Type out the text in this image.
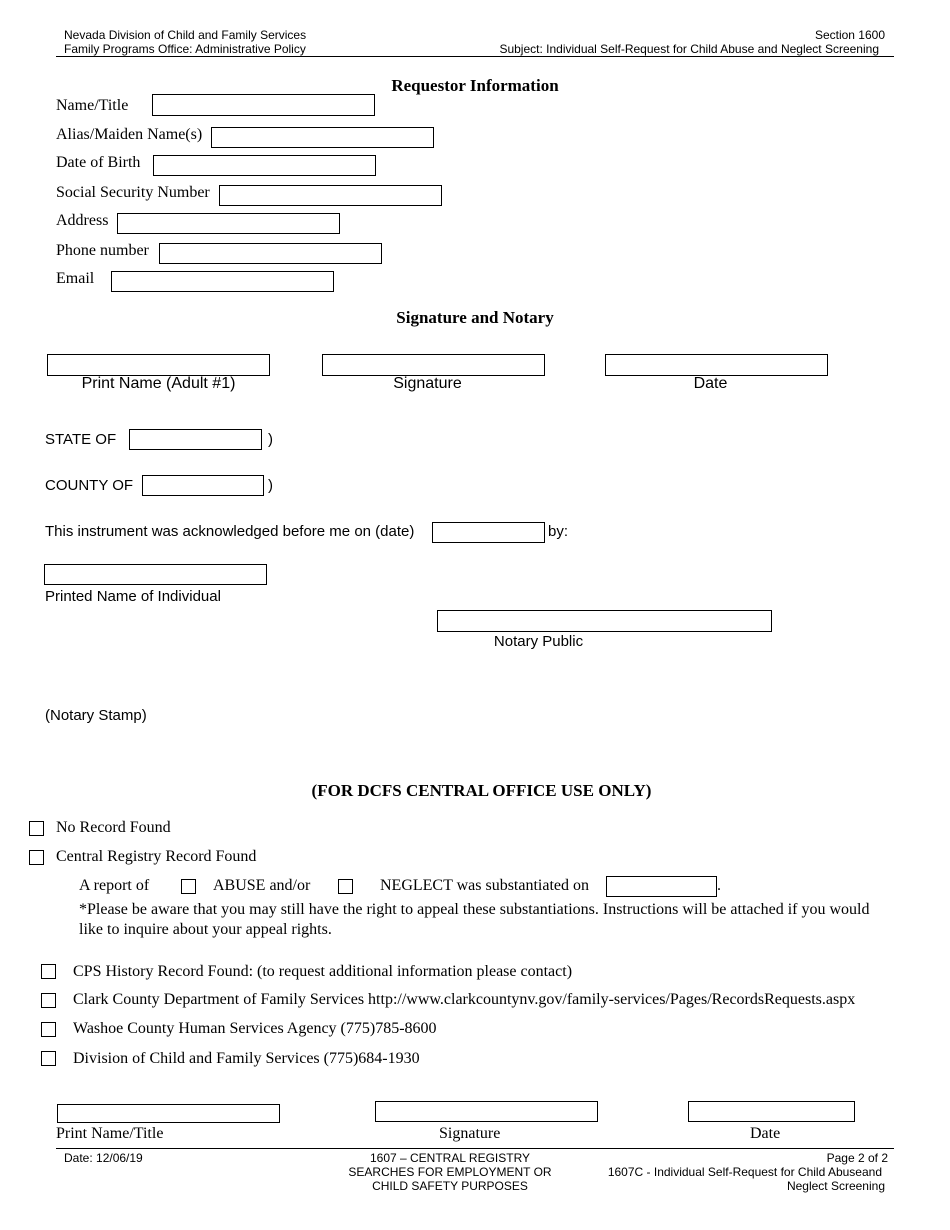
Nevada Division of Child and Family Services
Family Programs Office: Administrative Policy
Section 1600
Subject: Individual Self-Request for Child Abuse and Neglect Screening
Requestor Information
Name/Title
Alias/Maiden Name(s)
Date of Birth
Social Security Number
Address
Phone number
Email
Signature and Notary
Print Name (Adult #1)	Signature	Date
STATE OF	)
COUNTY OF	)
This instrument was acknowledged before me on (date)	by:
Printed Name of Individual
Notary Public
(Notary Stamp)
(FOR DCFS CENTRAL OFFICE USE ONLY)
No Record Found
Central Registry Record Found
A report of	ABUSE and/or	NEGLECT was substantiated on	.
*Please be aware that you may still have the right to appeal these substantiations. Instructions will be attached if you would
like to inquire about your appeal rights.
CPS History Record Found: (to request additional information please contact)
Clark County Department of Family Services http://www.clarkcountynv.gov/family-services/Pages/RecordsRequests.aspx
Washoe County Human Services Agency (775)785-8600
Division of Child and Family Services (775)684-1930
Print Name/Title	Signature	Date
Date: 12/06/19	1607 – CENTRAL REGISTRY
SEARCHES FOR EMPLOYMENT OR
CHILD SAFETY PURPOSES
Page 2 of 2
1607C - Individual Self-Request for Child Abuseand
Neglect Screening
